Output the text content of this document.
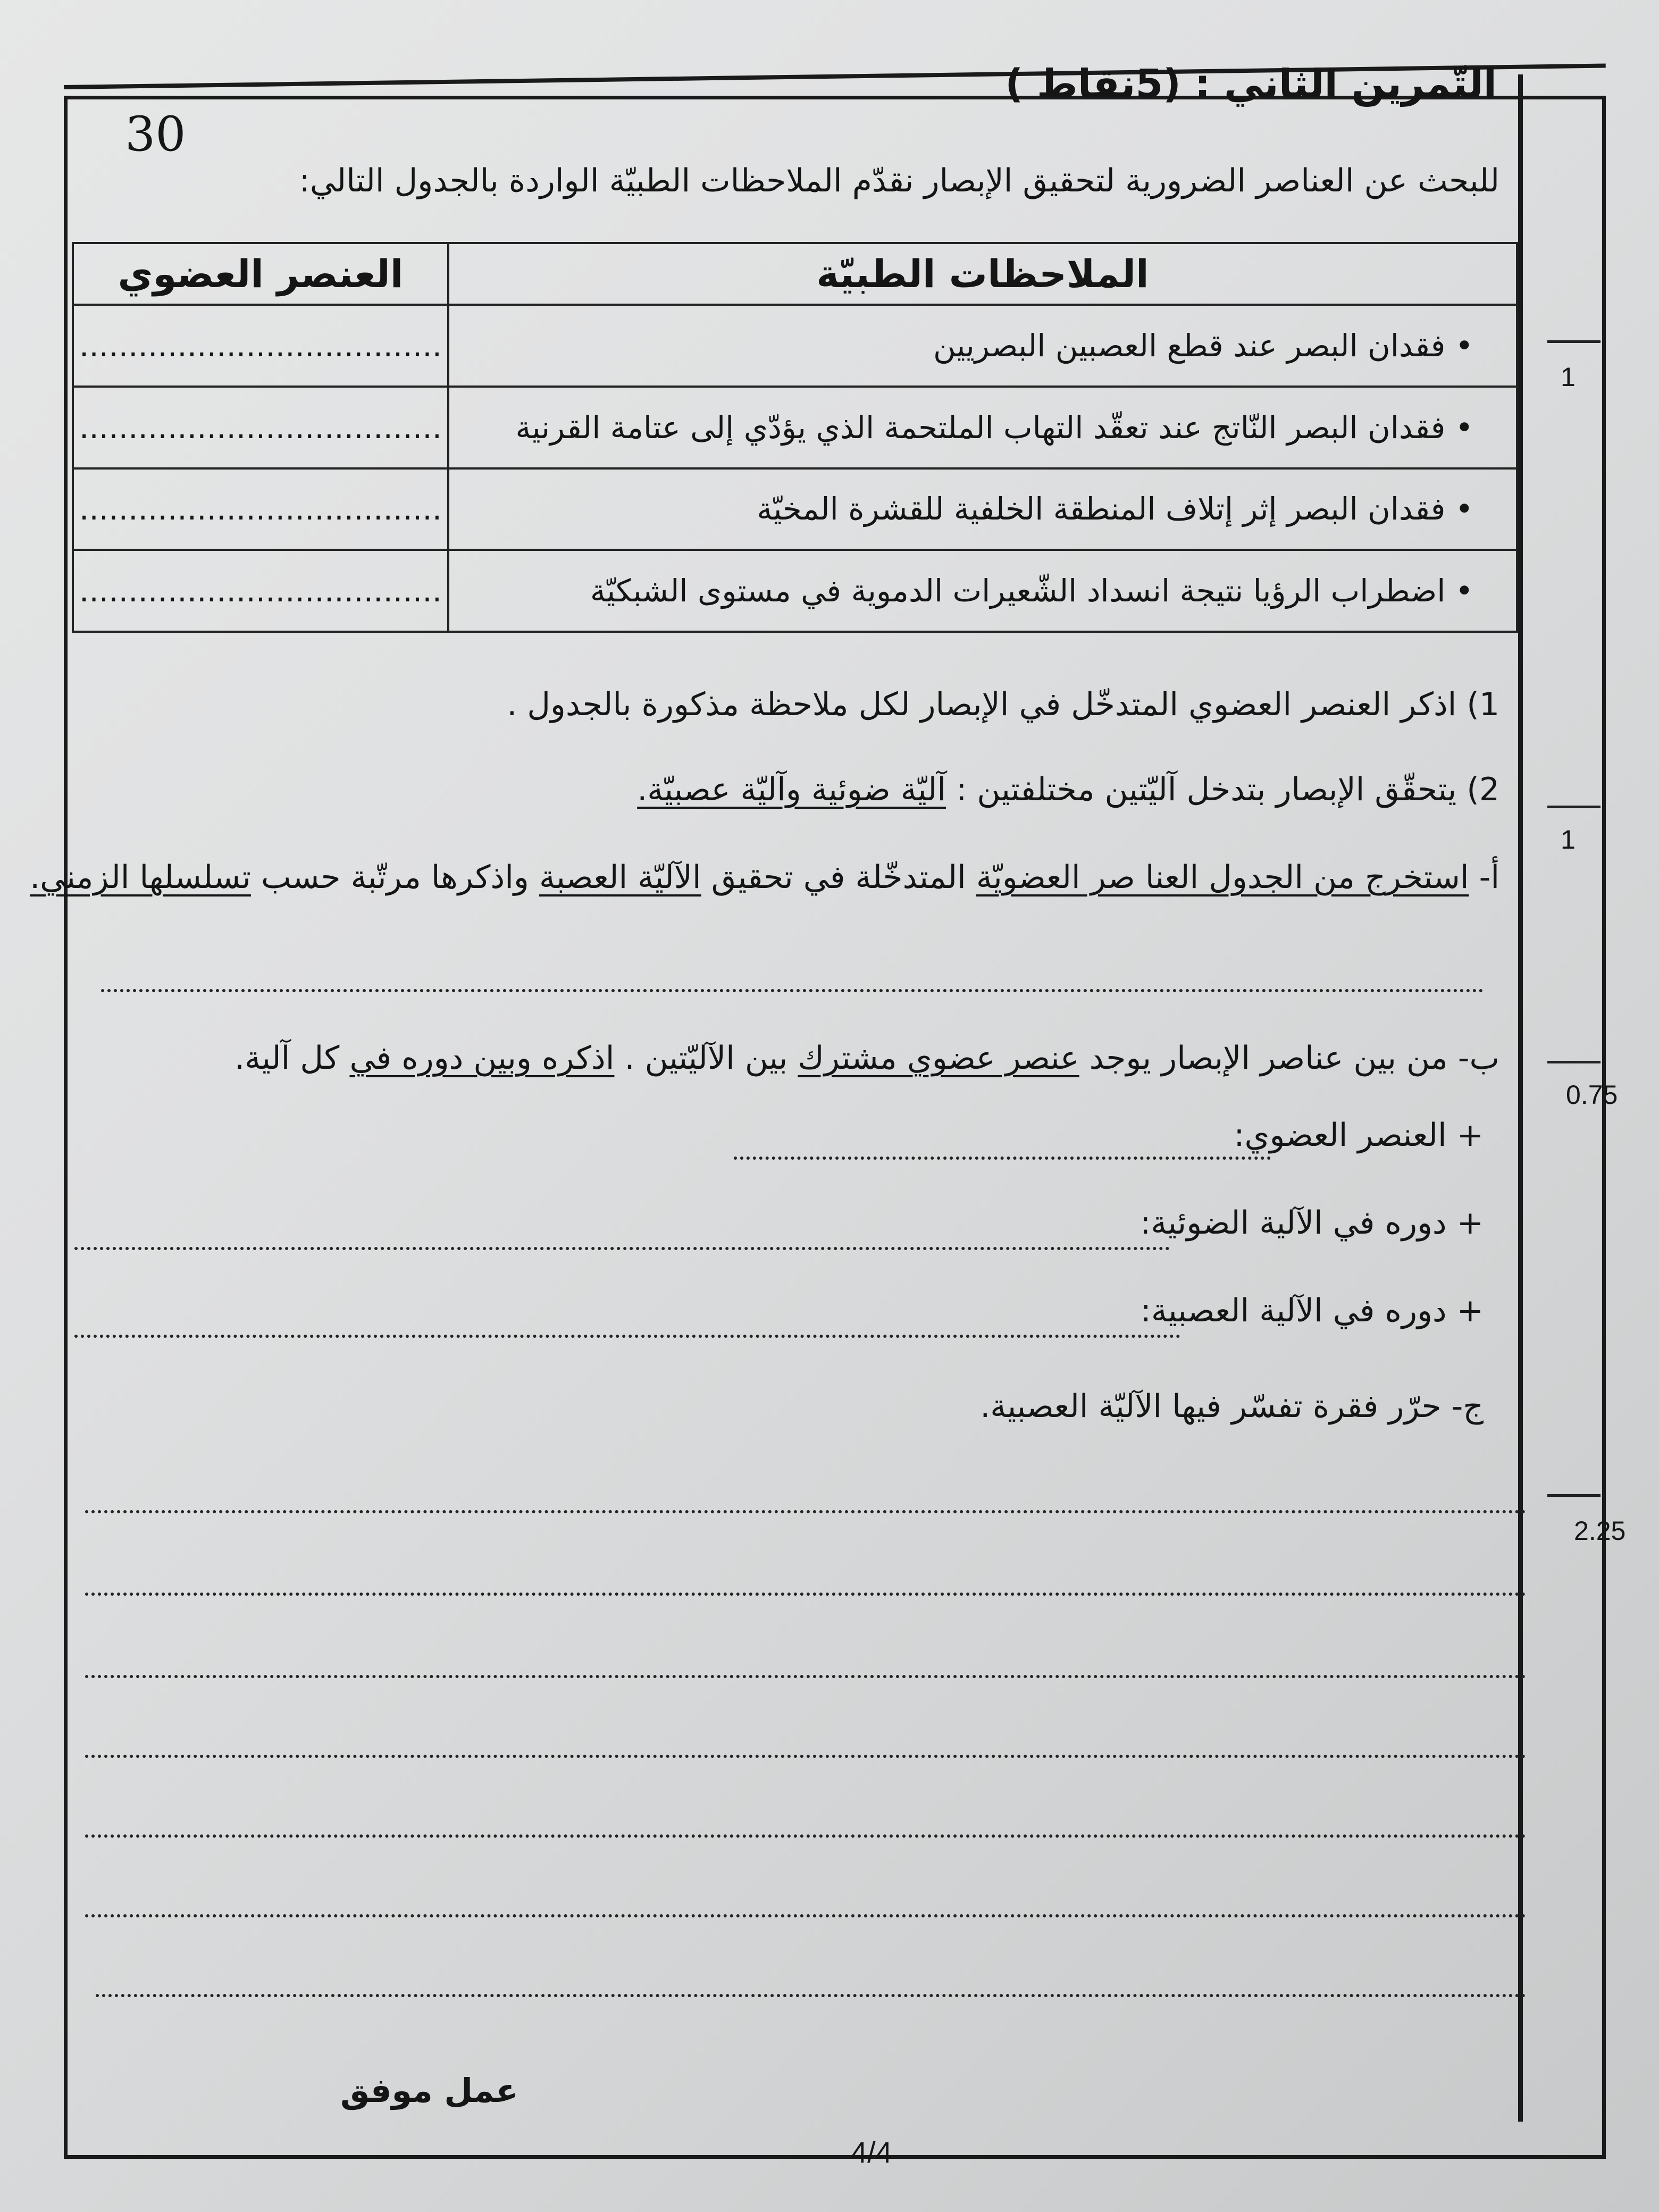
التّمرين الثاني : (5نقاط )
30
للبحث عن العناصر الضرورية لتحقيق الإبصار نقدّم الملاحظات الطبيّة الواردة بالجدول التالي:
الملاحظات الطبيّة	العنصر العضوي
• فقدان البصر عند قطع العصبين البصريين	.....................................
• فقدان البصر النّاتج عند تعقّد التهاب الملتحمة الذي يؤدّي إلى عتامة القرنية	.....................................
• فقدان البصر إثر إتلاف المنطقة الخلفية للقشرة المخيّة	.....................................
• اضطراب الرؤيا نتيجة انسداد الشّعيرات الدموية في مستوى الشبكيّة	.....................................
1) اذكر العنصر العضوي المتدخّل في الإبصار لكل ملاحظة مذكورة بالجدول .
2) يتحقّق الإبصار بتدخل آليّتين مختلفتين : آليّة ضوئية وآليّة عصبيّة.
أ- استخرج من الجدول العنا صر العضويّة المتدخّلة في تحقيق الآليّة العصبة واذكرها مرتّبة حسب تسلسلها الزمني.
ب- من بين عناصر الإبصار يوجد عنصر عضوي مشترك بين الآليّتين . اذكره وبين دوره في كل آلية.
+ العنصر العضوي:
+ دوره في الآلية الضوئية:
+ دوره في الآلية العصبية:
ج- حرّر فقرة تفسّر فيها الآليّة العصبية.
1
1
0.75
2.25
عمل موفق
4/4
